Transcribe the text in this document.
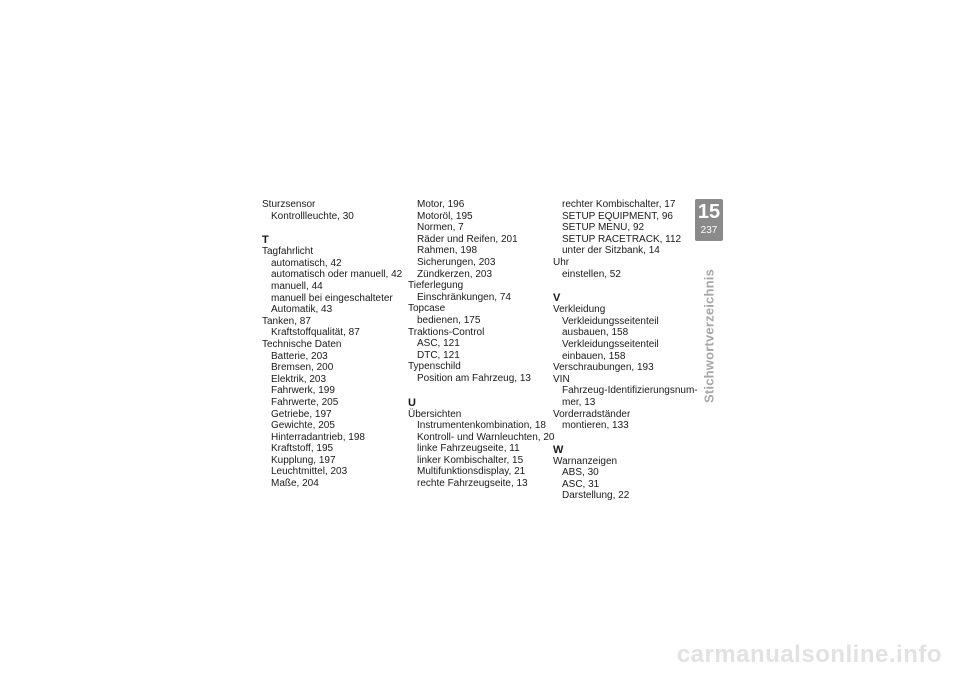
Sturzsensor
Kontrollleuchte, 30
T
Tagfahrlicht
automatisch, 42
automatisch oder manuell, 42
manuell, 44
manuell bei eingeschalteter Automatik, 43
Tanken, 87
Kraftstoffqualität, 87
Technische Daten
Batterie, 203
Bremsen, 200
Elektrik, 203
Fahrwerk, 199
Fahrwerte, 205
Getriebe, 197
Gewichte, 205
Hinterradantrieb, 198
Kraftstoff, 195
Kupplung, 197
Leuchtmittel, 203
Maße, 204
Motor, 196
Motoröl, 195
Normen, 7
Räder und Reifen, 201
Rahmen, 198
Sicherungen, 203
Zündkerzen, 203
Tieferlegung
Einschränkungen, 74
Topcase
bedienen, 175
Traktions-Control
ASC, 121
DTC, 121
Typenschild
Position am Fahrzeug, 13
U
Übersichten
Instrumentenkombination, 18
Kontroll- und Warnleuchten, 20
linke Fahrzeugseite, 11
linker Kombischalter, 15
Multifunktionsdisplay, 21
rechte Fahrzeugseite, 13
rechter Kombischalter, 17
SETUP EQUIPMENT, 96
SETUP MENU, 92
SETUP RACETRACK, 112
unter der Sitzbank, 14
Uhr
einstellen, 52
V
Verkleidung
Verkleidungsseitenteil ausbauen, 158
Verkleidungsseitenteil einbauen, 158
Verschraubungen, 193
VIN
Fahrzeug-Identifizierungsnum-mer, 13
Vorderradständer
montieren, 133
W
Warnanzeigen
ABS, 30
ASC, 31
Darstellung, 22
15
237
Stichwortverzeichnis
carmanualsonline.info
